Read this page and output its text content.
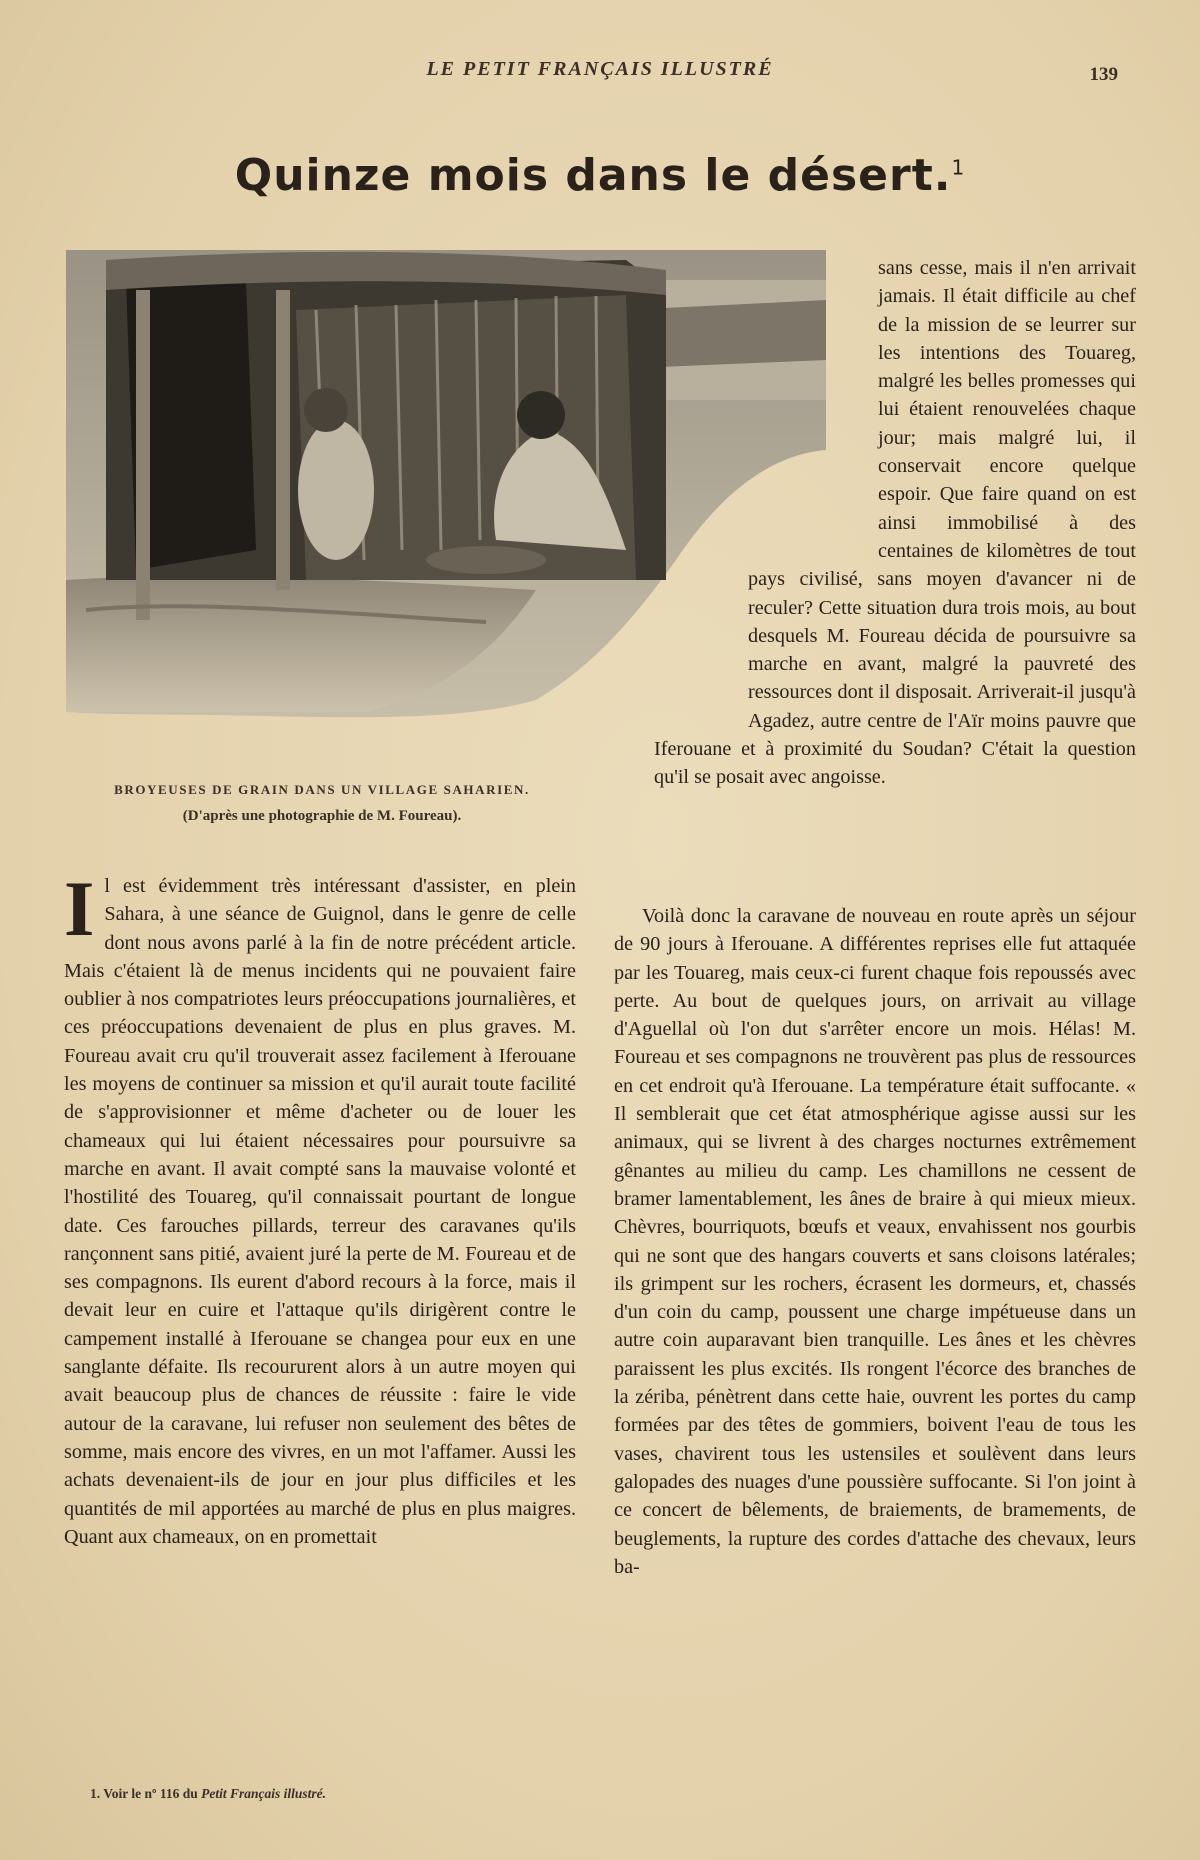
LE PETIT FRANÇAIS ILLUSTRÉ	139
Quinze mois dans le désert.$^1$
BROYEUSES DE GRAIN DANS UN VILLAGE SAHARIEN.
(D'après une photographie de M. Foureau).
I l est évidemment très intéressant d'assister, en plein Sahara, à une séance de Guignol, dans le genre de celle dont nous avons parlé à la fin de notre précédent article. Mais c'étaient là de menus incidents qui ne pouvaient faire oublier à nos compatriotes leurs préoccupations journalières, et ces préoccupations devenaient de plus en plus graves. M. Foureau avait cru qu'il trouverait assez facilement à Iferouane les moyens de continuer sa mission et qu'il aurait toute facilité de s'approvisionner et même d'acheter ou de louer les chameaux qui lui étaient nécessaires pour poursuivre sa marche en avant. Il avait compté sans la mauvaise volonté et l'hostilité des Touareg, qu'il connaissait pourtant de longue date. Ces farouches pillards, terreur des caravanes qu'ils rançonnent sans pitié, avaient juré la perte de M. Foureau et de ses compagnons. Ils eurent d'abord recours à la force, mais il devait leur en cuire et l'attaque qu'ils dirigèrent contre le campement installé à Iferouane se changea pour eux en une sanglante défaite. Ils recoururent alors à un autre moyen qui avait beaucoup plus de chances de réussite : faire le vide autour de la caravane, lui refuser non seulement des bêtes de somme, mais encore des vivres, en un mot l'affamer. Aussi les achats devenaient-ils de jour en jour plus difficiles et les quantités de mil apportées au marché de plus en plus maigres. Quant aux chameaux, on en promettait

sans cesse, mais il n'en arrivait jamais. Il était difficile au chef de la mission de se leurrer sur les intentions des Touareg, malgré les belles promesses qui lui étaient renouvelées chaque jour; mais malgré lui, il conservait encore quelque espoir. Que faire quand on est ainsi immobilisé à des centaines de kilomètres de tout pays civilisé, sans moyen d'avancer ni de reculer? Cette situation dura trois mois, au bout desquels M. Foureau décida de poursuivre sa marche en avant, malgré la pauvreté des ressources dont il disposait. Arriverait-il jusqu'à Agadez, autre centre de l'Aïr moins pauvre que Iferouane et à proximité du Soudan? C'était la question qu'il se posait avec angoisse.

Voilà donc la caravane de nouveau en route après un séjour de 90 jours à Iferouane. A différentes reprises elle fut attaquée par les Touareg, mais ceux-ci furent chaque fois repoussés avec perte. Au bout de quelques jours, on arrivait au village d'Aguellal où l'on dut s'arrêter encore un mois. Hélas! M. Foureau et ses compagnons ne trouvèrent pas plus de ressources en cet endroit qu'à Iferouane. La température était suffocante. « Il semblerait que cet état atmosphérique agisse aussi sur les animaux, qui se livrent à des charges nocturnes extrêmement gênantes au milieu du camp. Les chamillons ne cessent de bramer lamentablement, les ânes de braire à qui mieux mieux. Chèvres, bourriquots, bœufs et veaux, envahissent nos gourbis qui ne sont que des hangars couverts et sans cloisons latérales; ils grimpent sur les rochers, écrasent les dormeurs, et, chassés d'un coin du camp, poussent une charge impétueuse dans un autre coin auparavant bien tranquille. Les ânes et les chèvres paraissent les plus excités. Ils rongent l'écorce des branches de la zériba, pénètrent dans cette haie, ouvrent les portes du camp formées par des têtes de gommiers, boivent l'eau de tous les vases, chavirent tous les ustensiles et soulèvent dans leurs galopades des nuages d'une poussière suffocante. Si l'on joint à ce concert de bêlements, de braiements, de bramements, de beuglements, la rupture des cordes d'attache des chevaux, leurs ba-

1. Voir le nº 116 du Petit Français illustré.
